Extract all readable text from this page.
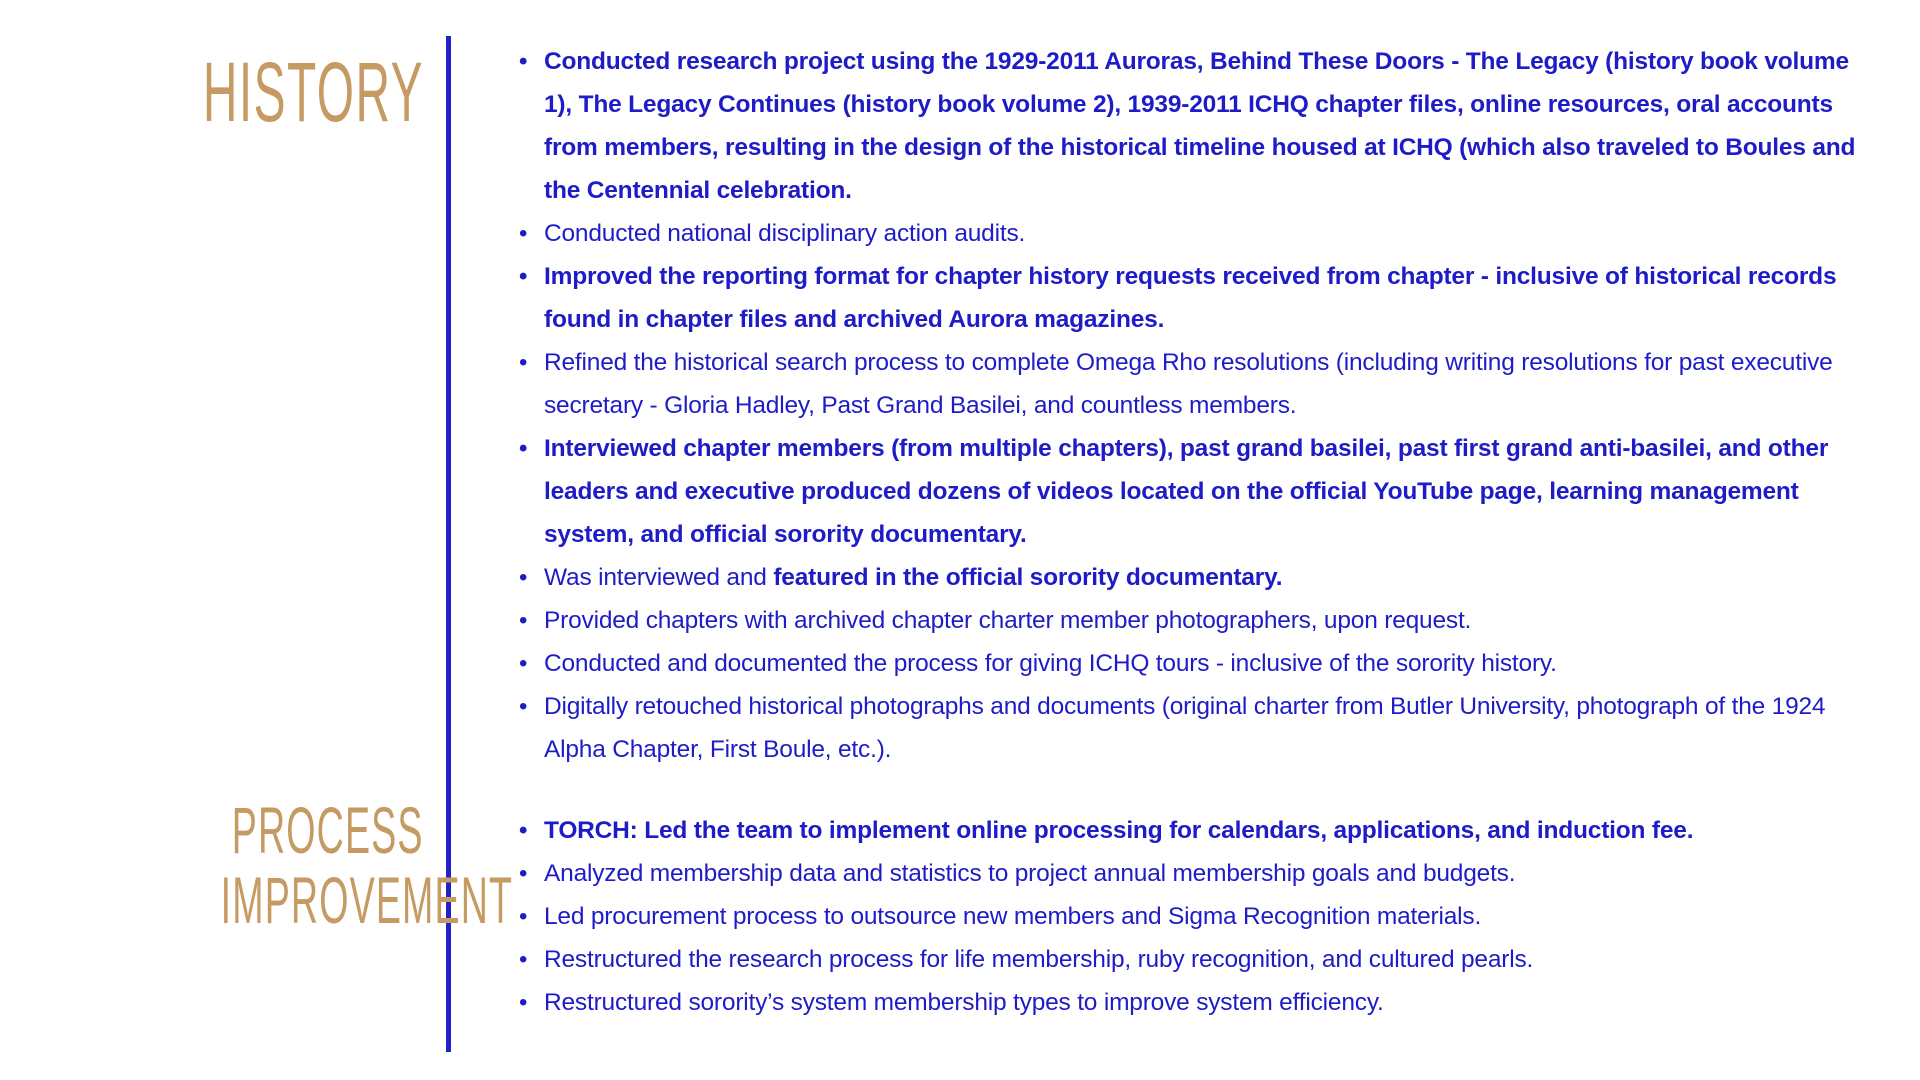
HISTORY
PROCESS
IMPROVEMENT
• Conducted research project using the 1929-2011 Auroras, Behind These Doors - The Legacy (history book volume 1), The Legacy Continues (history book volume 2), 1939-2011 ICHQ chapter files, online resources, oral accounts from members, resulting in the design of the historical timeline housed at ICHQ (which also traveled to Boules and the Centennial celebration.
• Conducted national disciplinary action audits.
• Improved the reporting format for chapter history requests received from chapter - inclusive of historical records found in chapter files and archived Aurora magazines.
• Refined the historical search process to complete Omega Rho resolutions (including writing resolutions for past executive secretary - Gloria Hadley, Past Grand Basilei, and countless members.
• Interviewed chapter members (from multiple chapters), past grand basilei, past first grand anti-basilei, and other leaders and executive produced dozens of videos located on the official YouTube page, learning management system, and official sorority documentary.
• Was interviewed and featured in the official sorority documentary.
• Provided chapters with archived chapter charter member photographers, upon request.
• Conducted and documented the process for giving ICHQ tours - inclusive of the sorority history.
• Digitally retouched historical photographs and documents (original charter from Butler University, photograph of the 1924 Alpha Chapter, First Boule, etc.).
• TORCH: Led the team to implement online processing for calendars, applications, and induction fee.
• Analyzed membership data and statistics to project annual membership goals and budgets.
• Led procurement process to outsource new members and Sigma Recognition materials.
• Restructured the research process for life membership, ruby recognition, and cultured pearls.
• Restructured sorority’s system membership types to improve system efficiency.
